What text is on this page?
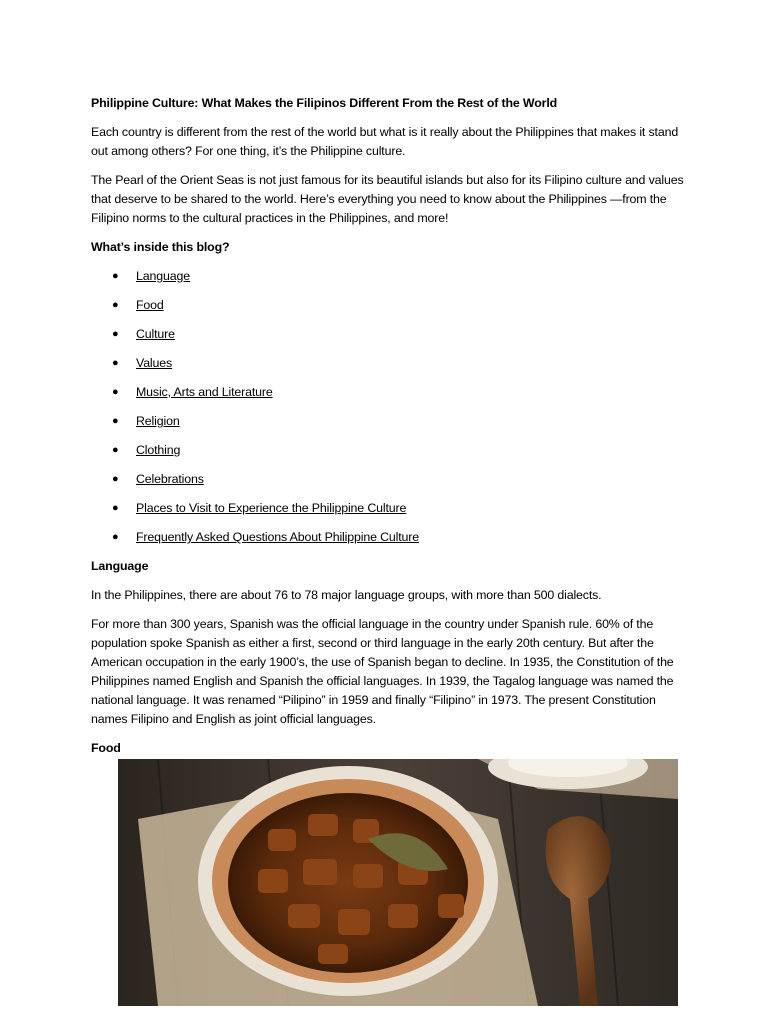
Philippine Culture: What Makes the Filipinos Different From the Rest of the World

Each country is different from the rest of the world but what is it really about the Philippines that makes it stand out among others? For one thing, it’s the Philippine culture.

The Pearl of the Orient Seas is not just famous for its beautiful islands but also for its Filipino culture and values that deserve to be shared to the world. Here’s everything you need to know about the Philippines —from the Filipino norms to the cultural practices in the Philippines, and more!

What’s inside this blog?
● Language
● Food
● Culture
● Values
● Music, Arts and Literature
● Religion
● Clothing
● Celebrations
● Places to Visit to Experience the Philippine Culture
● Frequently Asked Questions About Philippine Culture
Language

In the Philippines, there are about 76 to 78 major language groups, with more than 500 dialects.

For more than 300 years, Spanish was the official language in the country under Spanish rule. 60% of the population spoke Spanish as either a first, second or third language in the early 20th century. But after the American occupation in the early 1900’s, the use of Spanish began to decline. In 1935, the Constitution of the Philippines named English and Spanish the official languages. In 1939, the Tagalog language was named the national language. It was renamed “Pilipino” in 1959 and finally “Filipino” in 1973. The present Constitution names Filipino and English as joint official languages.

Food
